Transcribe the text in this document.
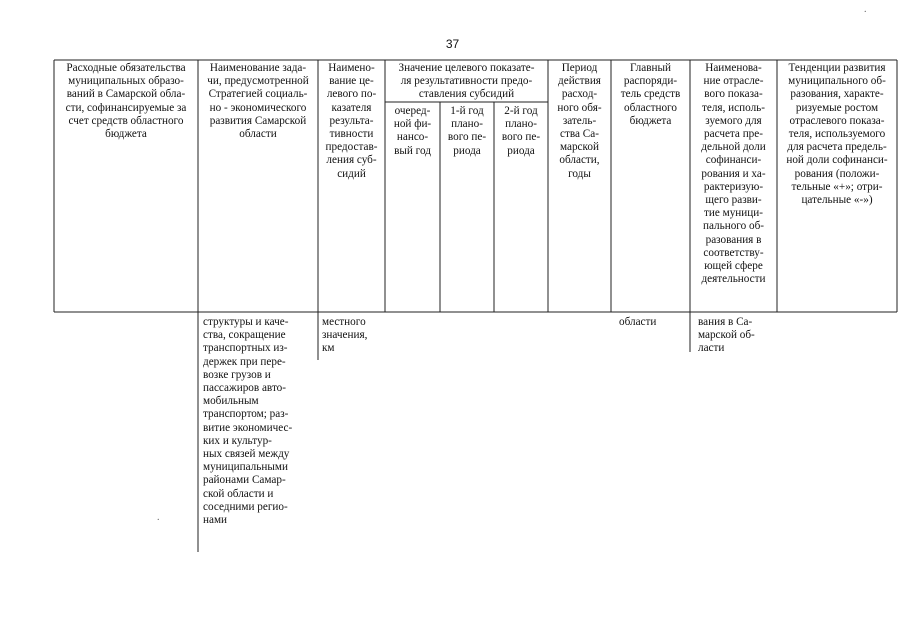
37
Расходные обязательства
муниципальных образо-
ваний в Самарской обла-
сти, софинансируемые за
счет средств областного
бюджета
Наименование зада-
чи, предусмотренной
Стратегией социаль-
но - экономического
развития Самарской
области
Наимено-
вание це-
левого по-
казателя
результа-
тивности
предостав-
ления суб-
сидий
Значение целевого показате-
ля результативности предо-
ставления субсидий
очеред-
ной фи-
нансо-
вый год
1-й год
плано-
вого пе-
риода
2-й год
плано-
вого пе-
риода
Период
действия
расход-
ного обя-
затель-
ства Са-
марской
области,
годы
Главный
распоряди-
тель средств
областного
бюджета
Наименова-
ние отрасле-
вого показа-
теля, исполь-
зуемого для
расчета пре-
дельной доли
софинанси-
рования и ха-
рактеризую-
щего разви-
тие муници-
пального об-
разования в
соответству-
ющей сфере
деятельности
Тенденции развития
муниципального об-
разования, характе-
ризуемые ростом
отраслевого показа-
теля, используемого
для расчета предель-
ной доли софинанси-
рования (положи-
тельные «+»; отри-
цательные «-»)
структуры и каче-
ства, сокращение
транспортных из-
держек при пере-
возке грузов и
пассажиров авто-
мобильным
транспортом; раз-
витие экономичес-
ких и культур-
ных связей между
муниципальными
районами Самар-
ской области и
соседними регио-
нами
местного
значения,
км
области	вания в Са-
марской об-
ласти
.
.
